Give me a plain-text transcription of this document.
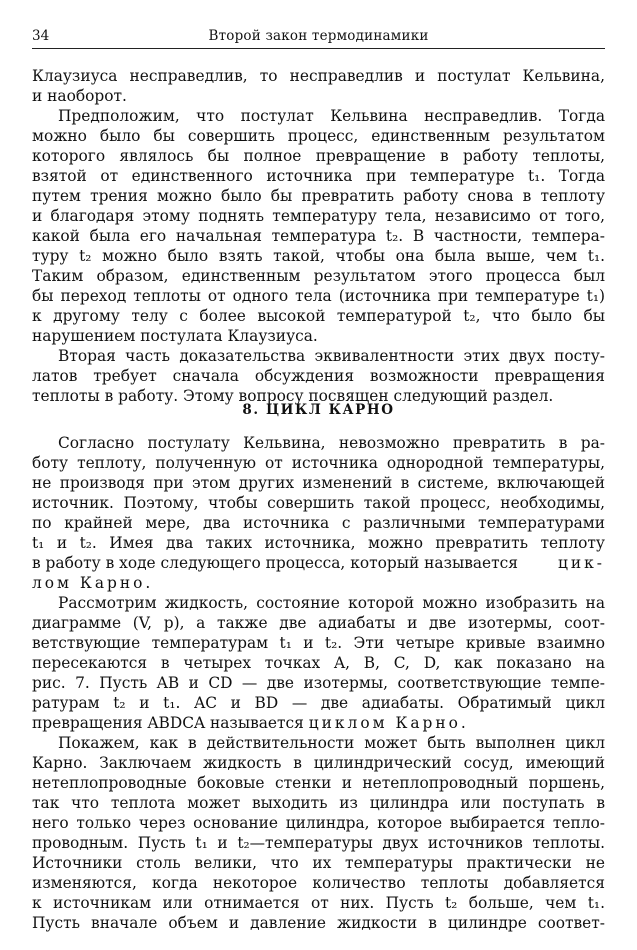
34	Второй закон термодинамики
Клаузиуса несправедлив, то несправедлив и постулат Кельвина,
и наоборот.
Предположим, что постулат Кельвина несправедлив. Тогда
можно было бы совершить процесс, единственным результатом
которого являлось бы полное превращение в работу теплоты,
взятой от единственного источника при температуре t₁. Тогда
путем трения можно было бы превратить работу снова в теплоту
и благодаря этому поднять температуру тела, независимо от того,
какой была его начальная температура t₂. В частности, темпера-
туру t₂ можно было взять такой, чтобы она была выше, чем t₁.
Таким образом, единственным результатом этого процесса был
бы переход теплоты от одного тела (источника при температуре t₁)
к другому телу с более высокой температурой t₂, что было бы
нарушением постулата Клаузиуса.
Вторая часть доказательства эквивалентности этих двух посту-
латов требует сначала обсуждения возможности превращения
теплоты в работу. Этому вопросу посвящен следующий раздел.
8. ЦИКЛ КАРНО
Согласно постулату Кельвина, невозможно превратить в ра-
боту теплоту, полученную от источника однородной температуры,
не производя при этом других изменений в системе, включающей
источник. Поэтому, чтобы совершить такой процесс, необходимы,
по крайней мере, два источника с различными температурами
t₁ и t₂. Имея два таких источника, можно превратить теплоту
в работу в ходе следующего процесса, который называется	цик-
лом Карно.
Рассмотрим жидкость, состояние которой можно изобразить на
диаграмме (V, p), а также две адиабаты и две изотермы, соот-
ветствующие температурам t₁ и t₂. Эти четыре кривые взаимно
пересекаются в четырех точках A, B, C, D, как показано на
рис. 7. Пусть AB и CD — две изотермы, соответствующие темпе-
ратурам t₂ и t₁. AC и BD — две адиабаты. Обратимый цикл
превращения ABDCA называется циклом Карно.
Покажем, как в действительности может быть выполнен цикл
Карно. Заключаем жидкость в цилиндрический сосуд, имеющий
нетеплопроводные боковые стенки и нетеплопроводный поршень,
так что теплота может выходить из цилиндра или поступать в
него только через основание цилиндра, которое выбирается тепло-
проводным. Пусть t₁ и t₂—температуры двух источников теплоты.
Источники столь велики, что их температуры практически не
изменяются, когда некоторое количество теплоты добавляется
к источникам или отнимается от них. Пусть t₂ больше, чем t₁.
Пусть вначале объем и давление жидкости в цилиндре соответ-
